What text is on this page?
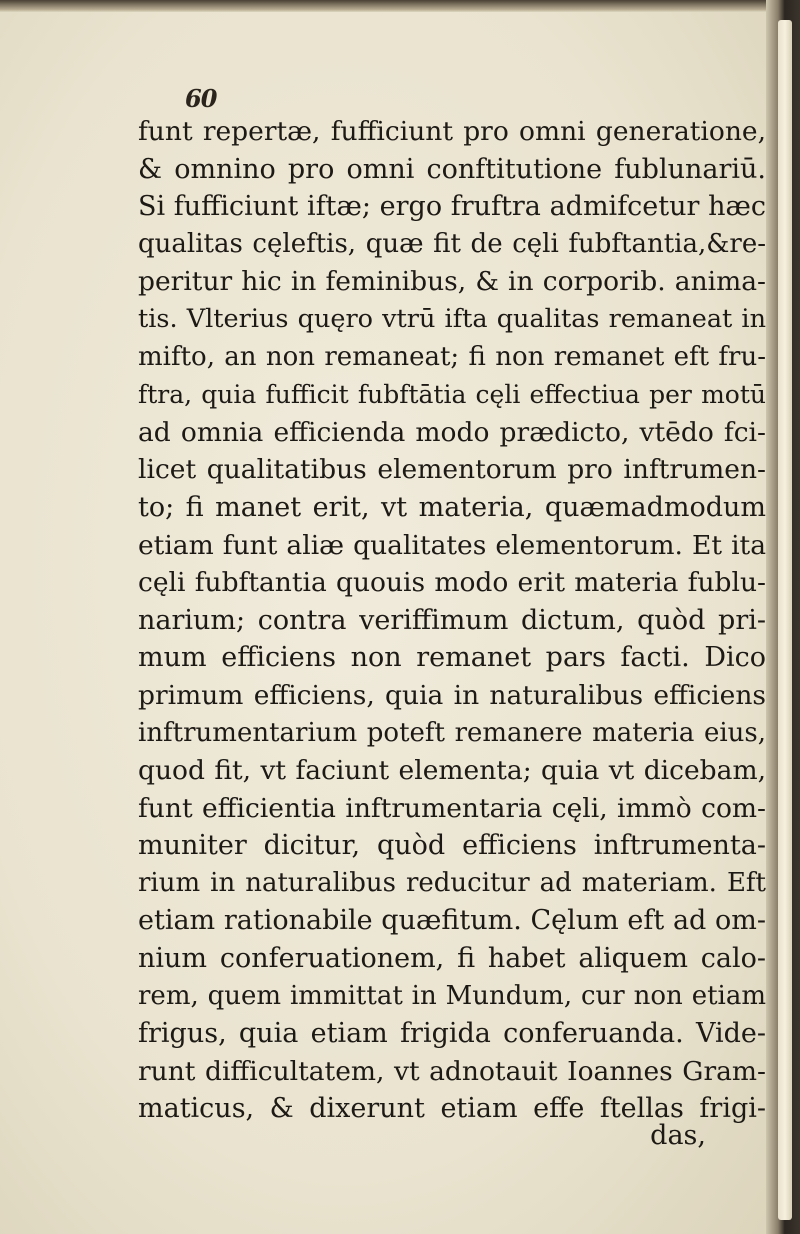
60
funt repertæ, fufficiunt pro omni generatione,
& omnino pro omni conftitutione fublunariū.
Si fufficiunt iftæ; ergo fruftra admifcetur hæc
qualitas cęleftis, quæ fit de cęli fubftantia,&re-
peritur hic in feminibus, & in corporib. anima-
tis. Vlterius quęro vtrū ifta qualitas remaneat in
mifto, an non remaneat; fi non remanet eft fru-
ftra, quia fufficit fubftātia cęli effectiua per motū
ad omnia efficienda modo prædicto, vtēdo fci-
licet qualitatibus elementorum pro inftrumen-
to; fi manet erit, vt materia, quæmadmodum
etiam funt aliæ qualitates elementorum. Et ita
cęli fubftantia quouis modo erit materia fublu-
narium; contra veriffimum dictum, quòd pri-
mum efficiens non remanet pars facti. Dico
primum efficiens, quia in naturalibus efficiens
inftrumentarium poteft remanere materia eius,
quod fit, vt faciunt elementa; quia vt dicebam,
funt efficientia inftrumentaria cęli, immò com-
muniter dicitur, quòd efficiens inftrumenta-
rium in naturalibus reducitur ad materiam. Eft
etiam rationabile quæfitum. Cęlum eft ad om-
nium conferuationem, fi habet aliquem calo-
rem, quem immittat in Mundum, cur non etiam
frigus, quia etiam frigida conferuanda. Vide-
runt difficultatem, vt adnotauit Ioannes Gram-
maticus, & dixerunt etiam effe ftellas frigi-
das,
